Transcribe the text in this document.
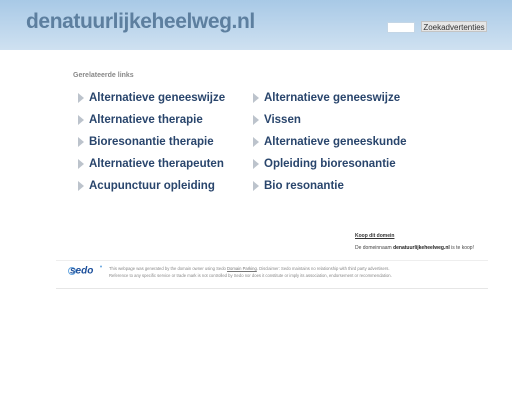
denatuurlijkeheelweg.nl	Zoekadvertenties
Gerelateerde links
Alternatieve geneeswijze
Alternatieve therapie
Bioresonantie therapie
Alternatieve therapeuten
Acupunctuur opleiding
Alternatieve geneeswijze
Vissen
Alternatieve geneeskunde
Opleiding bioresonantie
Bio resonantie
Koop dit domein
De domeinnaam denatuurlijkeheelweg.nl is te koop!
sedo	This webpage was generated by the domain owner using Sedo Domain Parking. Disclaimer: Sedo maintains no relationship with third party advertisers.
Reference to any specific service or trade mark is not controlled by Sedo nor does it constitute or imply its association, endorsement or recommendation.
